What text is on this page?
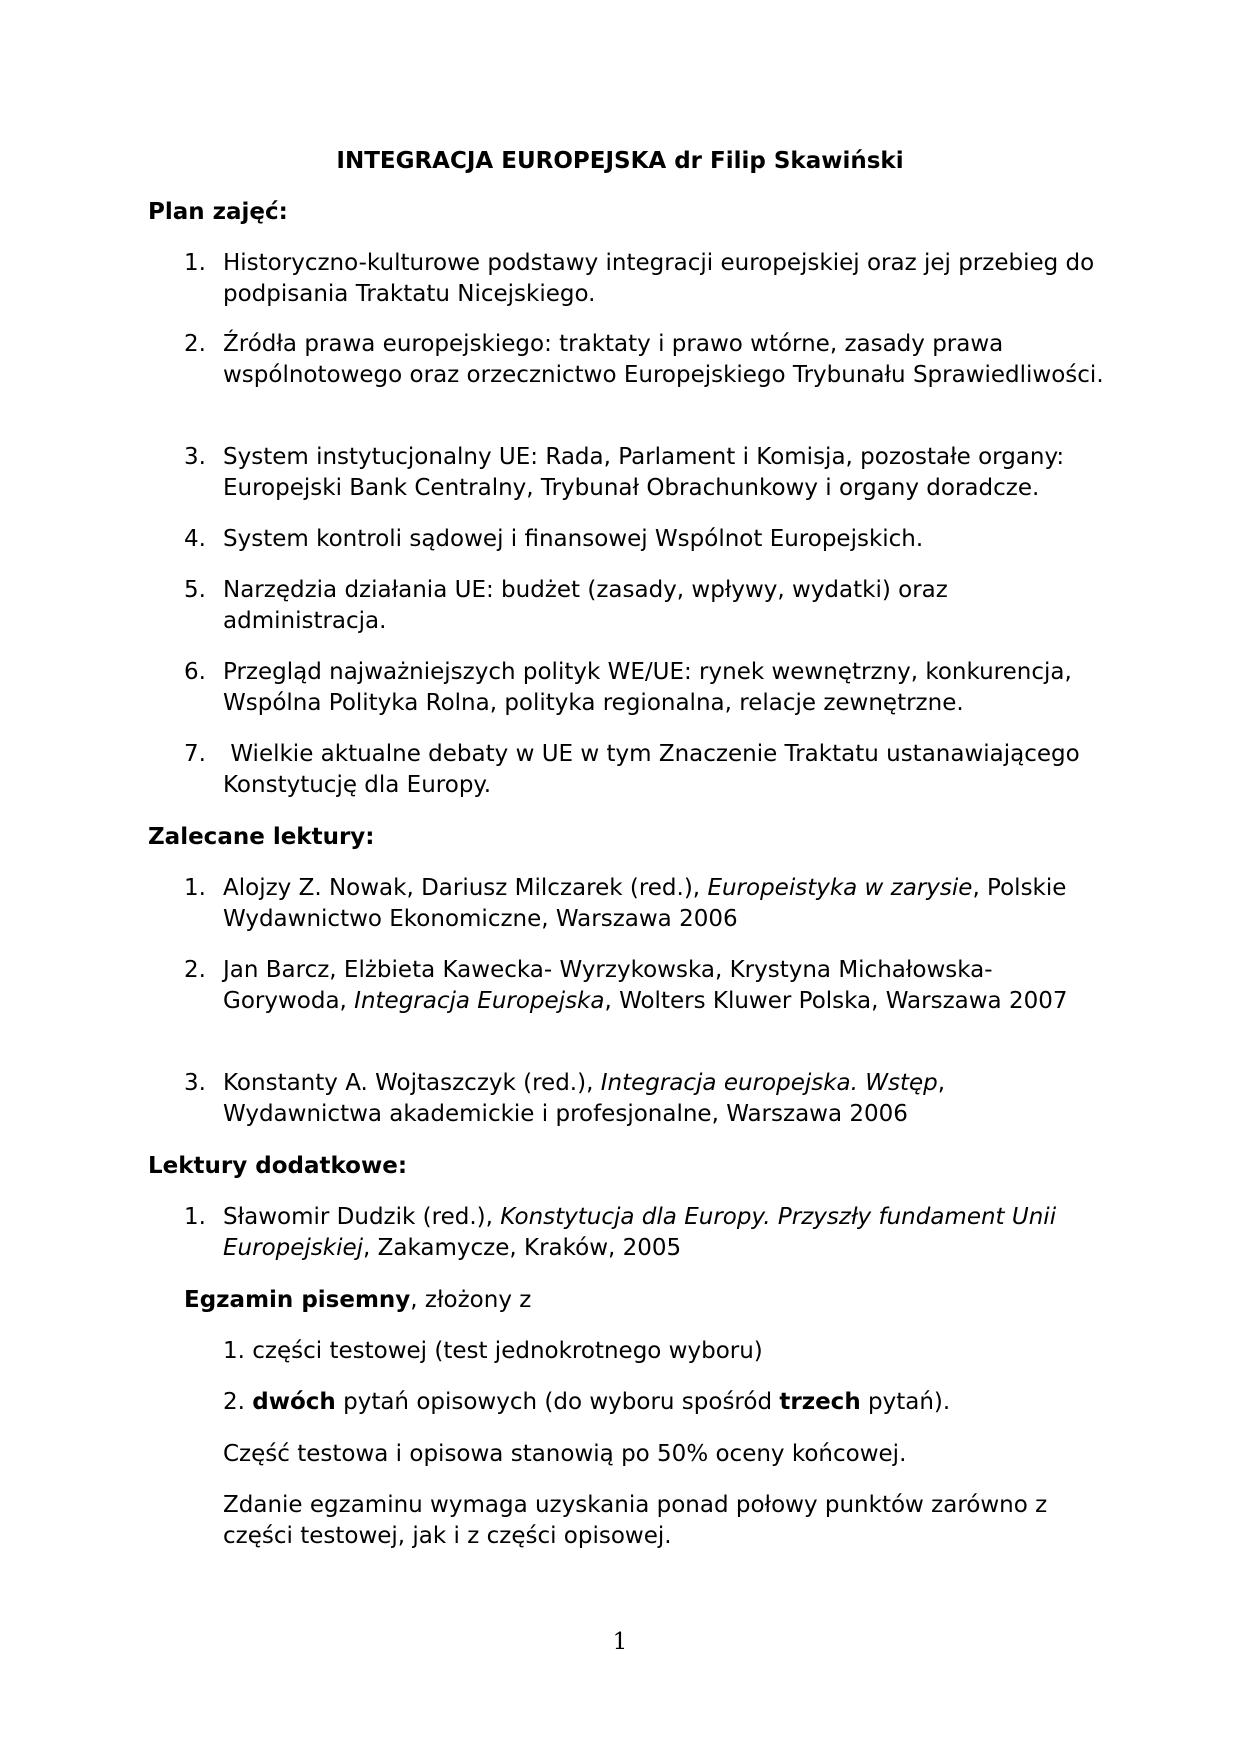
INTEGRACJA EUROPEJSKA dr Filip Skawiński
Plan zajęć:
1. Historyczno-kulturowe podstawy integracji europejskiej oraz jej przebieg do podpisania Traktatu Nicejskiego.
2. Źródła prawa europejskiego: traktaty i prawo wtórne, zasady prawa wspólnotowego oraz orzecznictwo Europejskiego Trybunału Sprawiedliwości.
3. System instytucjonalny UE: Rada, Parlament i Komisja, pozostałe organy: Europejski Bank Centralny, Trybunał Obrachunkowy i organy doradcze.
4. System kontroli sądowej i finansowej Wspólnot Europejskich.
5. Narzędzia działania UE: budżet (zasady, wpływy, wydatki) oraz administracja.
6. Przegląd najważniejszych polityk WE/UE: rynek wewnętrzny, konkurencja, Wspólna Polityka Rolna, polityka regionalna, relacje zewnętrzne.
7. Wielkie aktualne debaty w UE w tym Znaczenie Traktatu ustanawiającego Konstytucję dla Europy.
Zalecane lektury:
1. Alojzy Z. Nowak, Dariusz Milczarek (red.), Europeistyka w zarysie, Polskie Wydawnictwo Ekonomiczne, Warszawa 2006
2. Jan Barcz, Elżbieta Kawecka- Wyrzykowska, Krystyna Michałowska-Gorywoda, Integracja Europejska, Wolters Kluwer Polska, Warszawa 2007
3. Konstanty A. Wojtaszczyk (red.), Integracja europejska. Wstęp, Wydawnictwa akademickie i profesjonalne, Warszawa 2006
Lektury dodatkowe:
1. Sławomir Dudzik (red.), Konstytucja dla Europy. Przyszły fundament Unii Europejskiej, Zakamycze, Kraków, 2005
Egzamin pisemny, złożony z
1. części testowej (test jednokrotnego wyboru)
2. dwóch pytań opisowych (do wyboru spośród trzech pytań).
Część testowa i opisowa stanowią po 50% oceny końcowej.
Zdanie egzaminu wymaga uzyskania ponad połowy punktów zarówno z części testowej, jak i z części opisowej.
1
